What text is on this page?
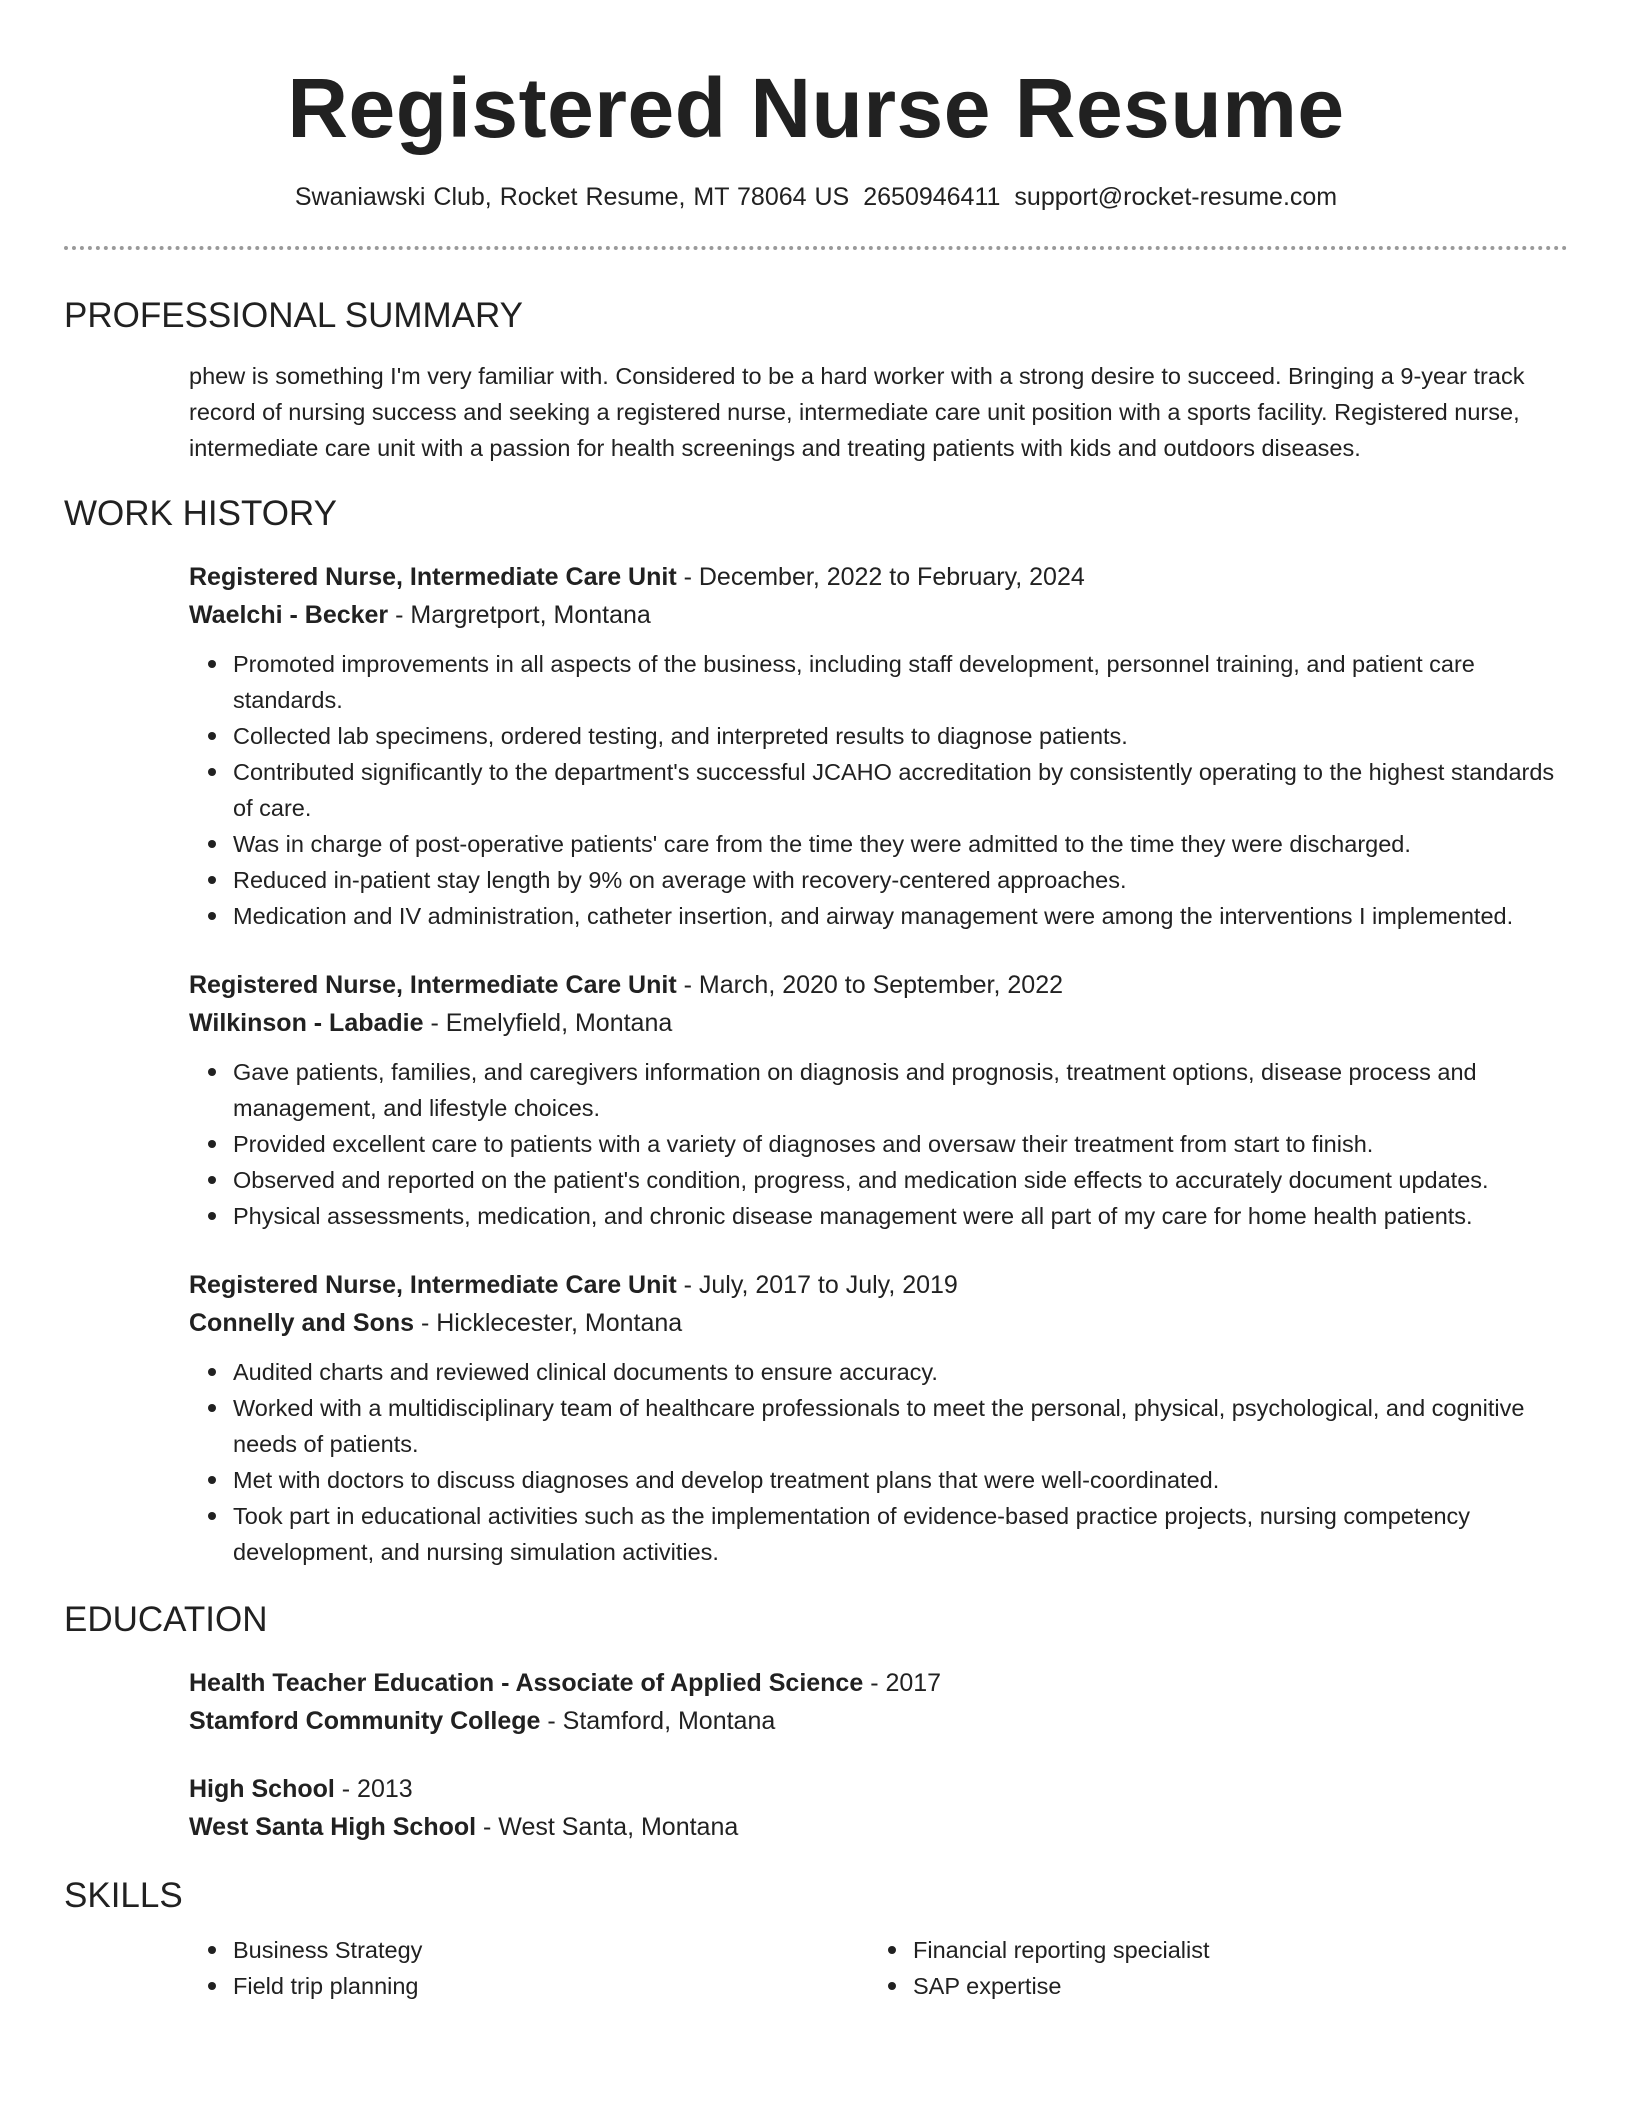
Registered Nurse Resume
Swaniawski Club, Rocket Resume, MT 78064 US 2650946411 support@rocket-resume.com
PROFESSIONAL SUMMARY

phew is something I'm very familiar with. Considered to be a hard worker with a strong desire to succeed. Bringing a 9-year track record of nursing success and seeking a registered nurse, intermediate care unit position with a sports facility. Registered nurse, intermediate care unit with a passion for health screenings and treating patients with kids and outdoors diseases.

WORK HISTORY

Registered Nurse, Intermediate Care Unit - December, 2022 to February, 2024

Waelchi - Becker - Margretport, Montana

Promoted improvements in all aspects of the business, including staff development, personnel training, and patient care standards.
Collected lab specimens, ordered testing, and interpreted results to diagnose patients.
Contributed significantly to the department's successful JCAHO accreditation by consistently operating to the highest standards of care.
Was in charge of post-operative patients' care from the time they were admitted to the time they were discharged.
Reduced in-patient stay length by 9% on average with recovery-centered approaches.
Medication and IV administration, catheter insertion, and airway management were among the interventions I implemented.

Registered Nurse, Intermediate Care Unit - March, 2020 to September, 2022

Wilkinson - Labadie - Emelyfield, Montana

Gave patients, families, and caregivers information on diagnosis and prognosis, treatment options, disease process and management, and lifestyle choices.
Provided excellent care to patients with a variety of diagnoses and oversaw their treatment from start to finish.
Observed and reported on the patient's condition, progress, and medication side effects to accurately document updates.
Physical assessments, medication, and chronic disease management were all part of my care for home health patients.

Registered Nurse, Intermediate Care Unit - July, 2017 to July, 2019

Connelly and Sons - Hicklecester, Montana

Audited charts and reviewed clinical documents to ensure accuracy.
Worked with a multidisciplinary team of healthcare professionals to meet the personal, physical, psychological, and cognitive needs of patients.
Met with doctors to discuss diagnoses and develop treatment plans that were well-coordinated.
Took part in educational activities such as the implementation of evidence-based practice projects, nursing competency development, and nursing simulation activities.
EDUCATION

Health Teacher Education - Associate of Applied Science - 2017

Stamford Community College - Stamford, Montana

High School - 2013

West Santa High School - West Santa, Montana

SKILLS
Business Strategy
Field trip planning
Financial reporting specialist
SAP expertise
